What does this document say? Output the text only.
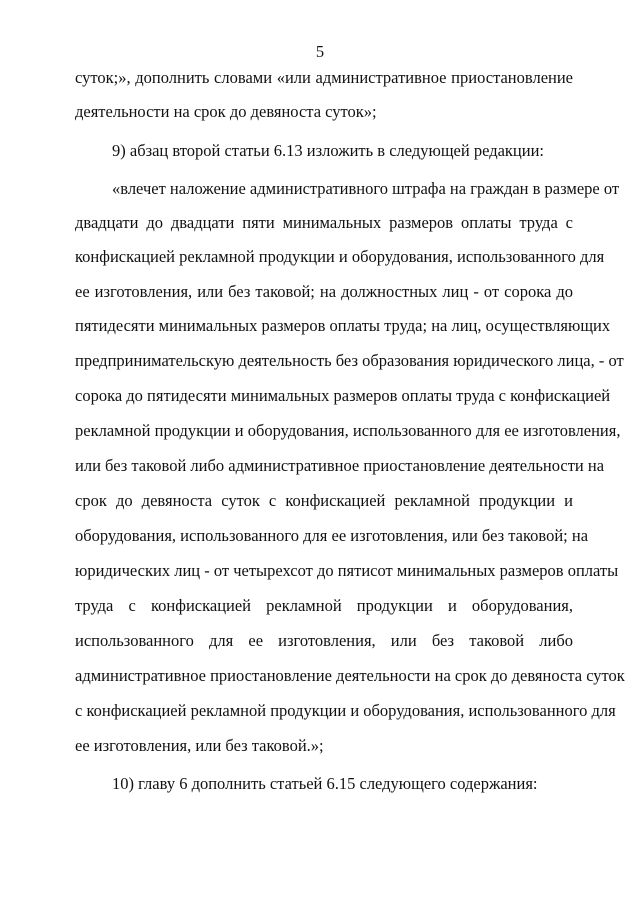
5
суток;», дополнить словами «или административное приостановление
деятельности на срок до девяноста суток»;
9) абзац второй статьи 6.13 изложить в следующей редакции:
«влечет наложение административного штрафа на граждан в размере от
двадцати до двадцати пяти минимальных размеров оплаты труда с
конфискацией рекламной продукции и оборудования, использованного для
ее изготовления, или без таковой; на должностных лиц - от сорока до
пятидесяти минимальных размеров оплаты труда; на лиц, осуществляющих
предпринимательскую деятельность без образования юридического лица, - от
сорока до пятидесяти минимальных размеров оплаты труда с конфискацией
рекламной продукции и оборудования, использованного для ее изготовления,
или без таковой либо административное приостановление деятельности на
срок до девяноста суток с конфискацией рекламной продукции и
оборудования, использованного для ее изготовления, или без таковой; на
юридических лиц - от четырехсот до пятисот минимальных размеров оплаты
труда с конфискацией рекламной продукции и оборудования,
использованного для ее изготовления, или без таковой либо
административное приостановление деятельности на срок до девяноста суток
с конфискацией рекламной продукции и оборудования, использованного для
ее изготовления, или без таковой.»;
10) главу 6 дополнить статьей 6.15 следующего содержания:
